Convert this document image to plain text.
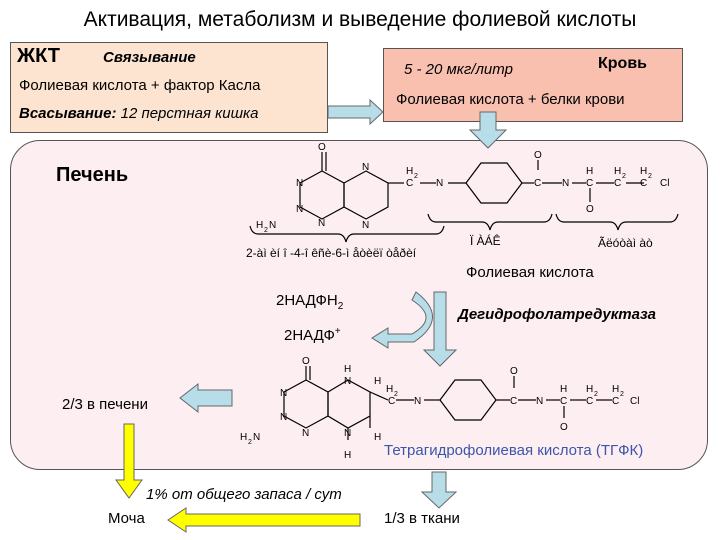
Активация, метаболизм и выведение фолиевой кислоты
ЖКТ	Связывание
Фолиевая кислота + фактор Касла
Всасывание: 12 перстная кишка
5 - 20 мкг/литр	Кровь
Фолиевая кислота + белки крови
O
N
N
N
N
N
H 2 N
C
H 2
N	C
O
N C
H
O
C
H 2
C
H 2
Cl
O
N
N
N
N
H
N
H
H
H
H 2 N
C
H 2
N	C
O
N C
H
O
C
H 2
C
H 2
Cl
Печень
2-àì èí î -4-î êñè-6-ì åòèëï òåðèí
Ï ÀÁÊ	Ãëóòàì àò
Фолиевая кислота
$2НАДФН_2$
2НАДФ+
Дегидрофолатредуктаза
2/3 в печени
Тетрагидрофолиевая кислота (ТГФК)
1% от общего запаса / сут
Моча	1/3 в ткани
